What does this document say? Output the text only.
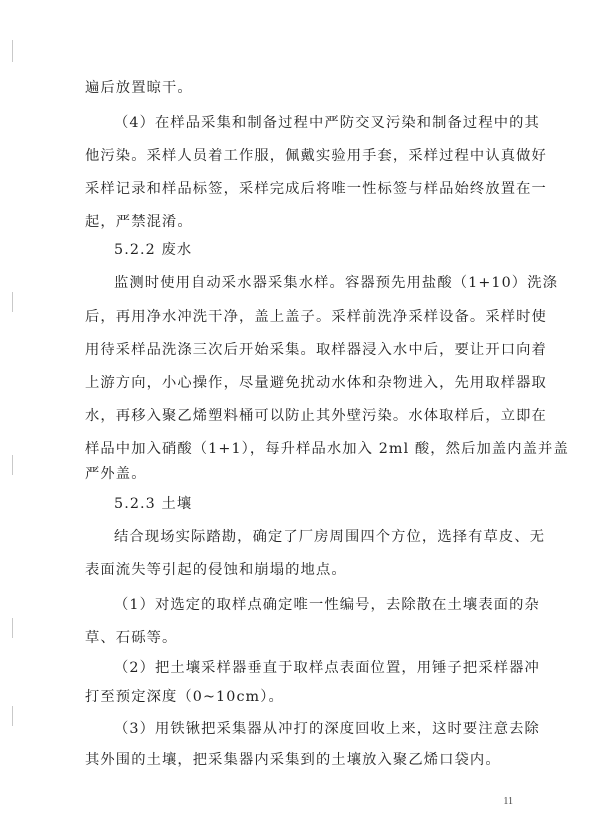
遍后放置晾干。
（4）在样品采集和制备过程中严防交叉污染和制备过程中的其
他污染。采样人员着工作服，佩戴实验用手套，采样过程中认真做好
采样记录和样品标签，采样完成后将唯一性标签与样品始终放置在一
起，严禁混淆。
5.2.2 废水
监测时使用自动采水器采集水样。容器预先用盐酸（1+10）洗涤
后，再用净水冲洗干净，盖上盖子。采样前洗净采样设备。采样时使
用待采样品洗涤三次后开始采集。取样器浸入水中后，要让开口向着
上游方向，小心操作，尽量避免扰动水体和杂物进入，先用取样器取
水，再移入聚乙烯塑料桶可以防止其外壁污染。水体取样后，立即在
样品中加入硝酸（1+1），每升样品水加入 2ml 酸，然后加盖内盖并盖
严外盖。
5.2.3 土壤
结合现场实际踏勘，确定了厂房周围四个方位，选择有草皮、无
表面流失等引起的侵蚀和崩塌的地点。
（1）对选定的取样点确定唯一性编号，去除散在土壤表面的杂
草、石砾等。
（2）把土壤采样器垂直于取样点表面位置，用锤子把采样器冲
打至预定深度（0~10cm）。
（3）用铁锹把采集器从冲打的深度回收上来，这时要注意去除
其外围的土壤，把采集器内采集到的土壤放入聚乙烯口袋内。
11
